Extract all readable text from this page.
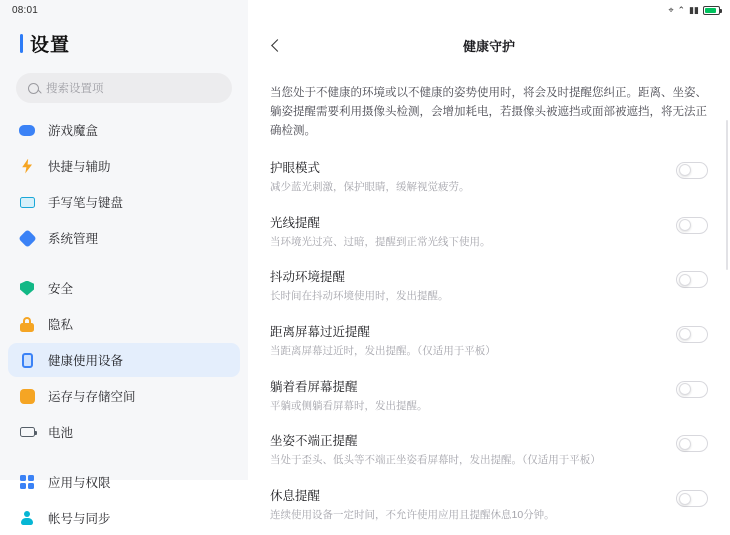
08:01	⌖ ⌃ ▮▮
设置
搜索设置项
游戏魔盒
快捷与辅助
手写笔与键盘
系统管理
安全
隐私
健康使用设备
运存与存储空间
电池
应用与权限
帐号与同步
健康守护
当您处于不健康的环境或以不健康的姿势使用时，将会及时提醒您纠正。距离、坐姿、躺姿提醒需要利用摄像头检测，会增加耗电，若摄像头被遮挡或面部被遮挡，将无法正确检测。
护眼模式
减少蓝光刺激，保护眼睛，缓解视觉疲劳。
光线提醒
当环境光过亮、过暗，提醒到正常光线下使用。
抖动环境提醒
长时间在抖动环境使用时，发出提醒。
距离屏幕过近提醒
当距离屏幕过近时，发出提醒。（仅适用于平板）
躺着看屏幕提醒
平躺或侧躺看屏幕时，发出提醒。
坐姿不端正提醒
当处于歪头、低头等不端正坐姿看屏幕时，发出提醒。（仅适用于平板）
休息提醒
连续使用设备一定时间，不允许使用应用且提醒休息10分钟。
